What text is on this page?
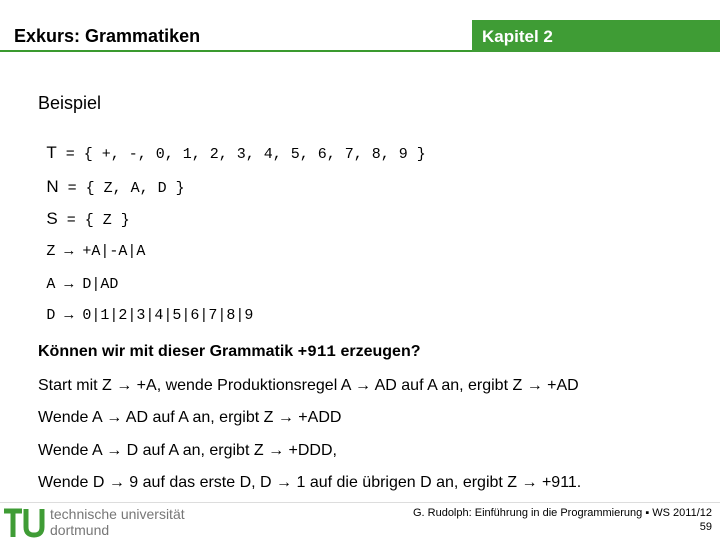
Exkurs: Grammatiken	Kapitel 2
Beispiel

T = { +, -, 0, 1, 2, 3, 4, 5, 6, 7, 8, 9 }

N = { Z, A, D }

S = { Z }

Z → +A|-A|A

A → D|AD

D → 0|1|2|3|4|5|6|7|8|9

Können wir mit dieser Grammatik +911 erzeugen?
Start mit Z → +A, wende Produktionsregel A → AD auf A an, ergibt Z → +AD
Wende A → AD auf A an, ergibt Z → +ADD
Wende A → D auf A an, ergibt Z → +DDD,
Wende D → 9 auf das erste D, D → 1 auf die übrigen D an, ergibt Z → +911.
technische universität
dortmund
G. Rudolph: Einführung in die Programmierung ▪ WS 2011/12
59
